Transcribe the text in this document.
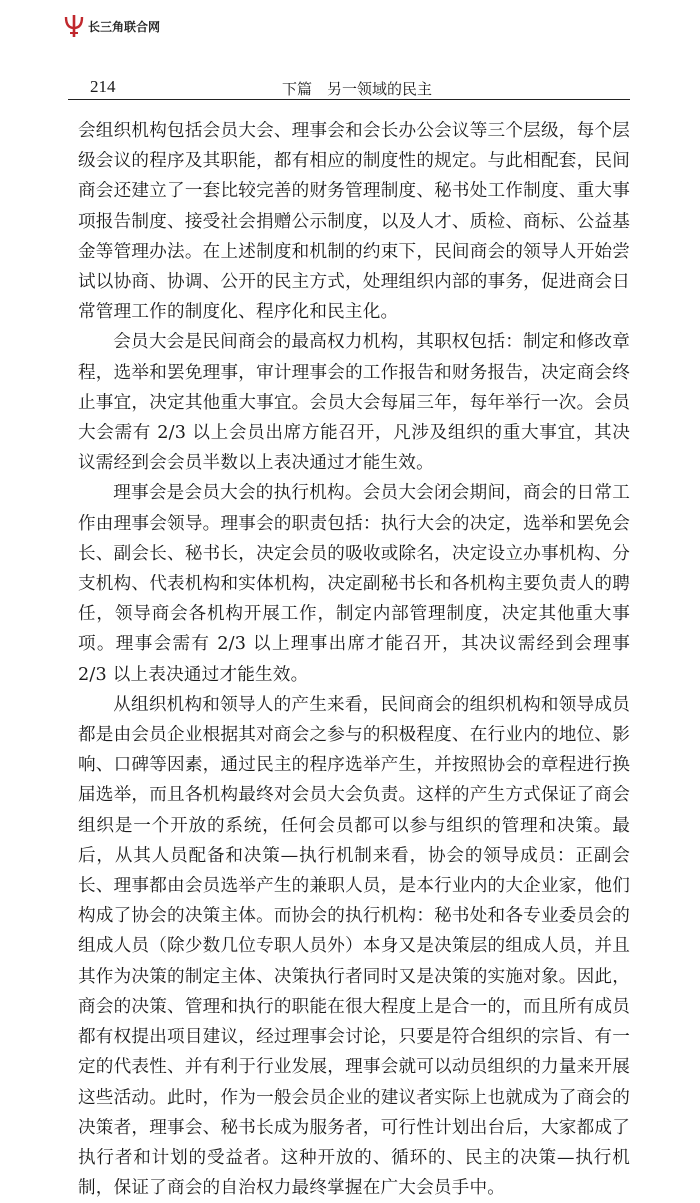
长三角联合网
214	下篇　另一领域的民主

会组织机构包括会员大会、理事会和会长办公会议等三个层级，每个层级会议的程序及其职能，都有相应的制度性的规定。与此相配套，民间商会还建立了一套比较完善的财务管理制度、秘书处工作制度、重大事项报告制度、接受社会捐赠公示制度，以及人才、质检、商标、公益基金等管理办法。在上述制度和机制的约束下，民间商会的领导人开始尝试以协商、协调、公开的民主方式，处理组织内部的事务，促进商会日常管理工作的制度化、程序化和民主化。

会员大会是民间商会的最高权力机构，其职权包括：制定和修改章程，选举和罢免理事，审计理事会的工作报告和财务报告，决定商会终止事宜，决定其他重大事宜。会员大会每届三年，每年举行一次。会员大会需有 2/3 以上会员出席方能召开，凡涉及组织的重大事宜，其决议需经到会会员半数以上表决通过才能生效。

理事会是会员大会的执行机构。会员大会闭会期间，商会的日常工作由理事会领导。理事会的职责包括：执行大会的决定，选举和罢免会长、副会长、秘书长，决定会员的吸收或除名，决定设立办事机构、分支机构、代表机构和实体机构，决定副秘书长和各机构主要负责人的聘任，领导商会各机构开展工作，制定内部管理制度，决定其他重大事项。理事会需有 2/3 以上理事出席才能召开，其决议需经到会理事 2/3 以上表决通过才能生效。

从组织机构和领导人的产生来看，民间商会的组织机构和领导成员都是由会员企业根据其对商会之参与的积极程度、在行业内的地位、影响、口碑等因素，通过民主的程序选举产生，并按照协会的章程进行换届选举，而且各机构最终对会员大会负责。这样的产生方式保证了商会组织是一个开放的系统，任何会员都可以参与组织的管理和决策。最后，从其人员配备和决策—执行机制来看，协会的领导成员：正副会长、理事都由会员选举产生的兼职人员，是本行业内的大企业家，他们构成了协会的决策主体。而协会的执行机构：秘书处和各专业委员会的组成人员（除少数几位专职人员外）本身又是决策层的组成人员，并且其作为决策的制定主体、决策执行者同时又是决策的实施对象。因此，商会的决策、管理和执行的职能在很大程度上是合一的，而且所有成员都有权提出项目建议，经过理事会讨论，只要是符合组织的宗旨、有一定的代表性、并有利于行业发展，理事会就可以动员组织的力量来开展这些活动。此时，作为一般会员企业的建议者实际上也就成为了商会的决策者，理事会、秘书长成为服务者，可行性计划出台后，大家都成了执行者和计划的受益者。这种开放的、循环的、民主的决策—执行机制，保证了商会的自治权力最终掌握在广大会员手中。
